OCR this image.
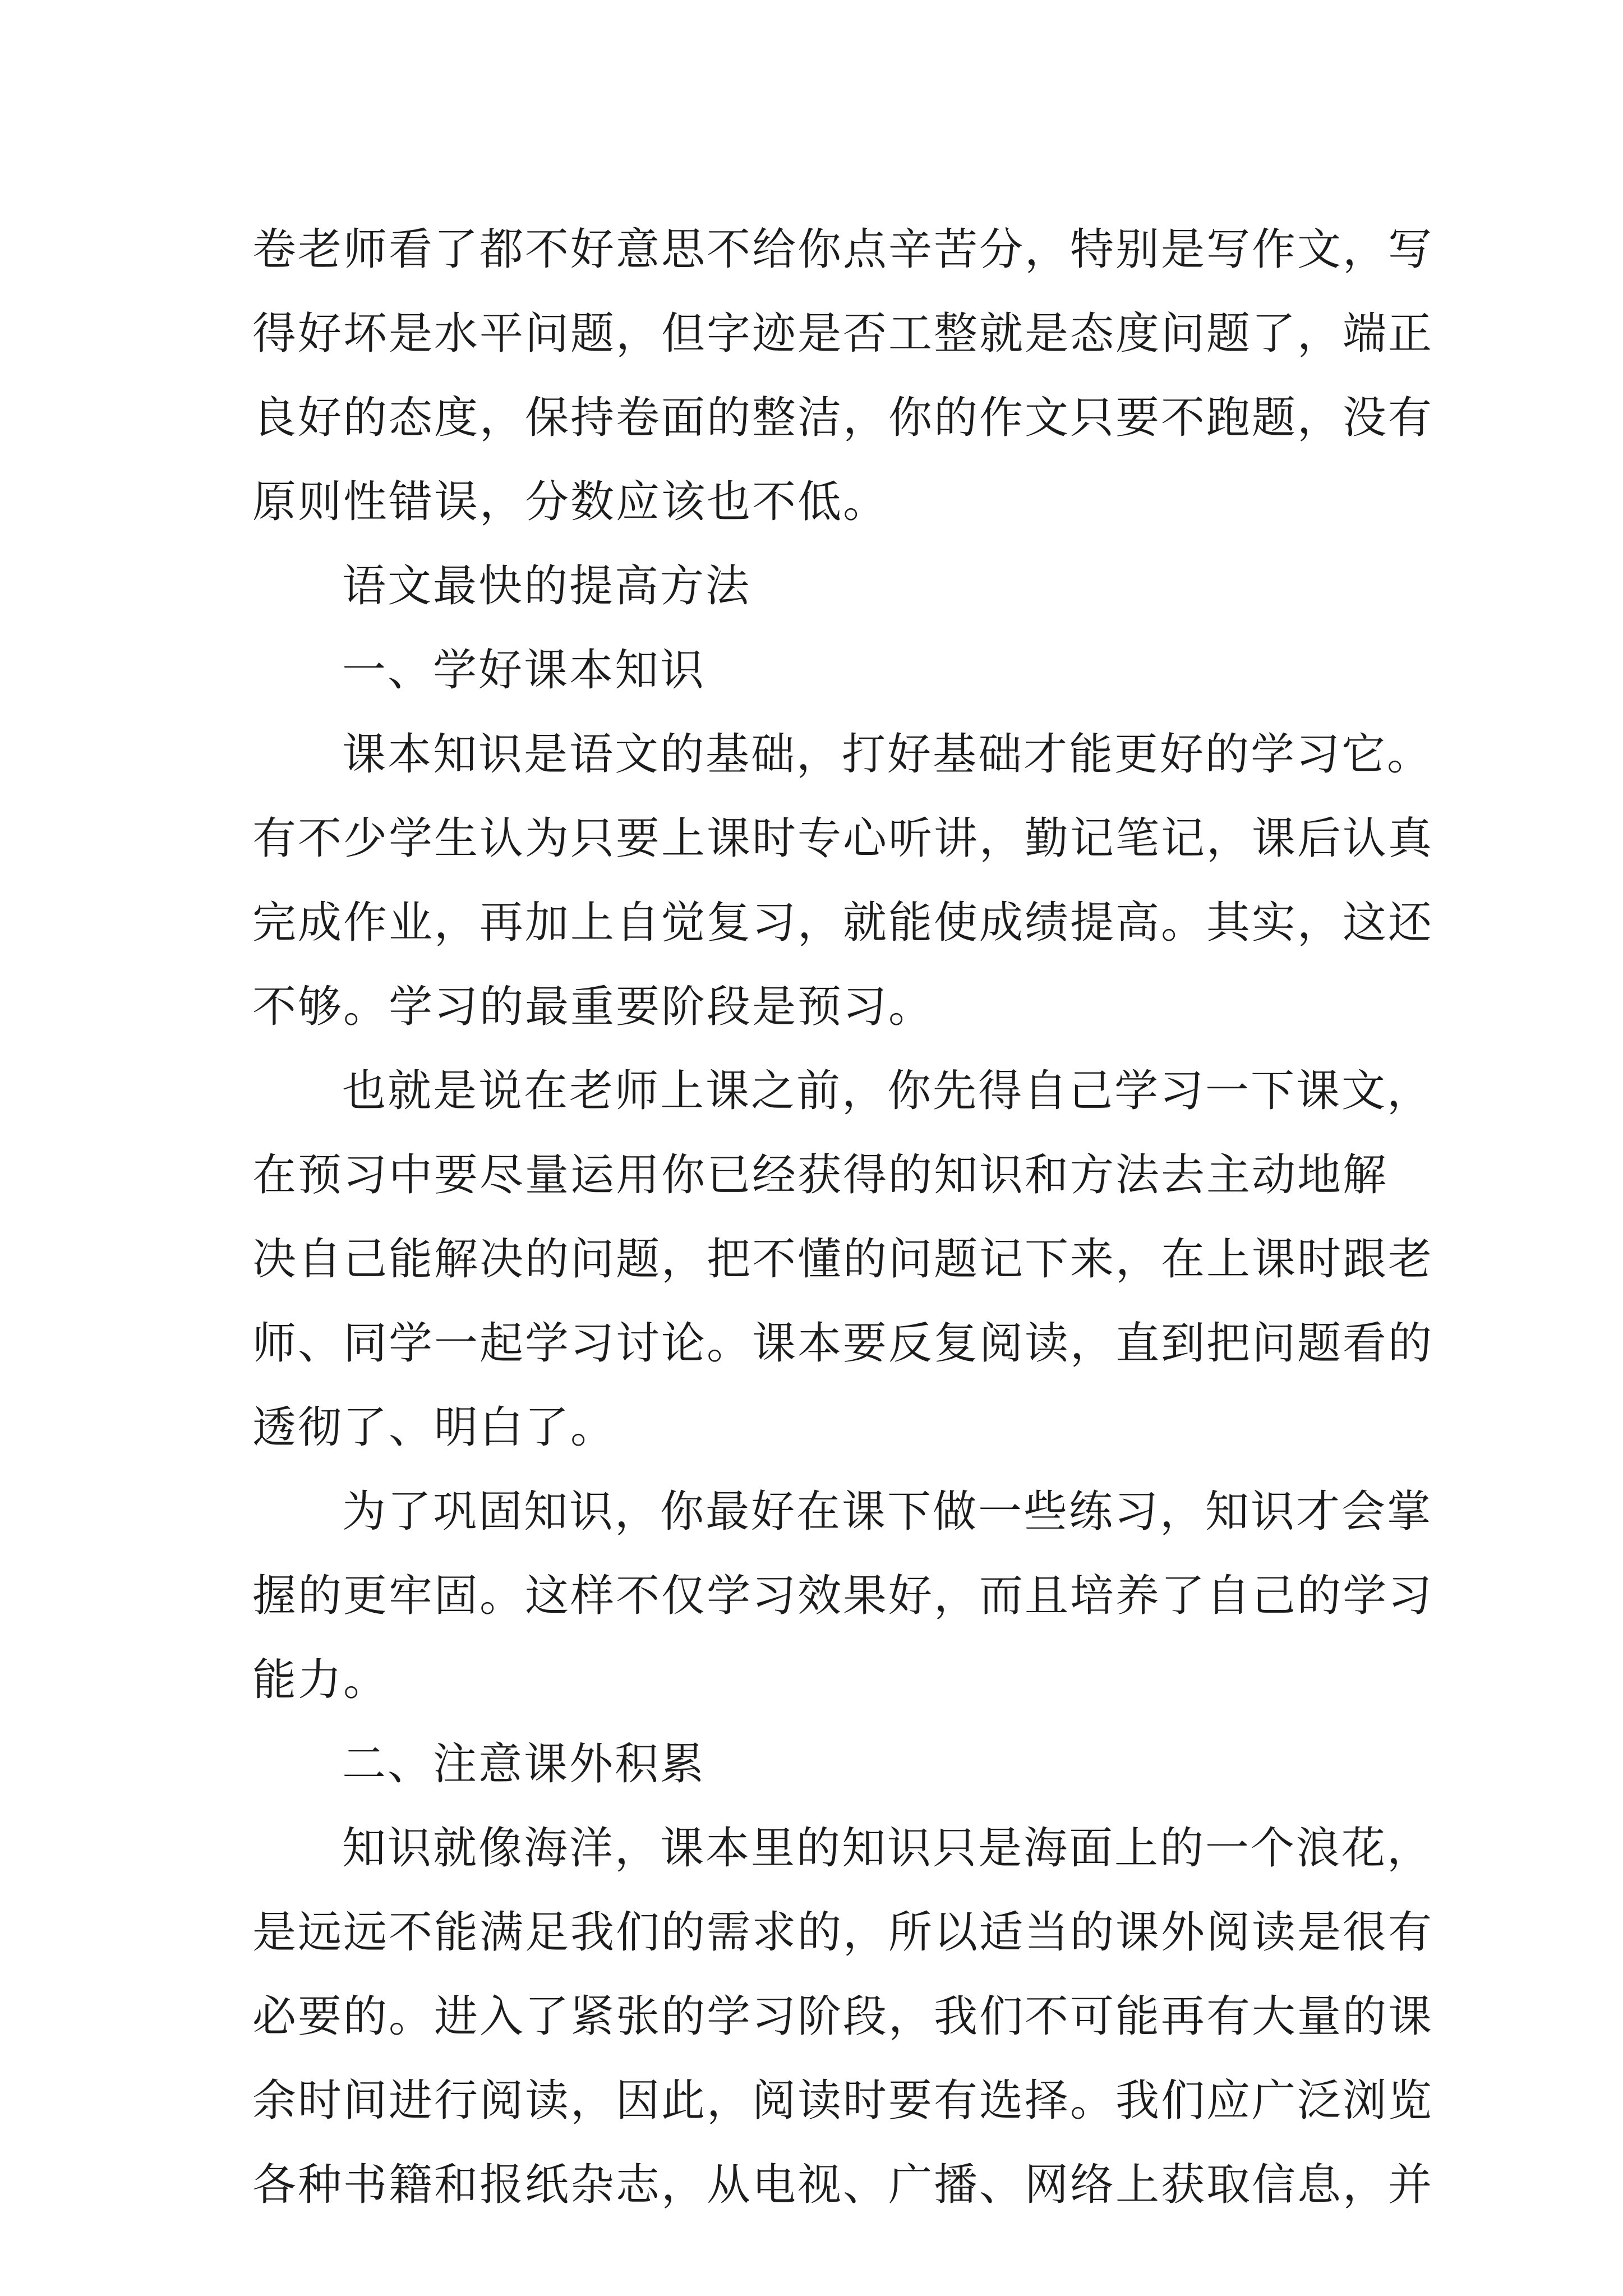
卷老师看了都不好意思不给你点辛苦分，特别是写作文，写
得好坏是水平问题，但字迹是否工整就是态度问题了，端正
良好的态度，保持卷面的整洁，你的作文只要不跑题，没有
原则性错误，分数应该也不低。
语文最快的提高方法
一、学好课本知识
课本知识是语文的基础，打好基础才能更好的学习它。
有不少学生认为只要上课时专心听讲，勤记笔记，课后认真
完成作业，再加上自觉复习，就能使成绩提高。其实，这还
不够。学习的最重要阶段是预习。
也就是说在老师上课之前，你先得自己学习一下课文，
在预习中要尽量运用你已经获得的知识和方法去主动地解
决自己能解决的问题，把不懂的问题记下来，在上课时跟老
师、同学一起学习讨论。课本要反复阅读，直到把问题看的
透彻了、明白了。
为了巩固知识，你最好在课下做一些练习，知识才会掌
握的更牢固。这样不仅学习效果好，而且培养了自己的学习
能力。
二、注意课外积累
知识就像海洋，课本里的知识只是海面上的一个浪花，
是远远不能满足我们的需求的，所以适当的课外阅读是很有
必要的。进入了紧张的学习阶段，我们不可能再有大量的课
余时间进行阅读，因此，阅读时要有选择。我们应广泛浏览
各种书籍和报纸杂志，从电视、广播、网络上获取信息，并
